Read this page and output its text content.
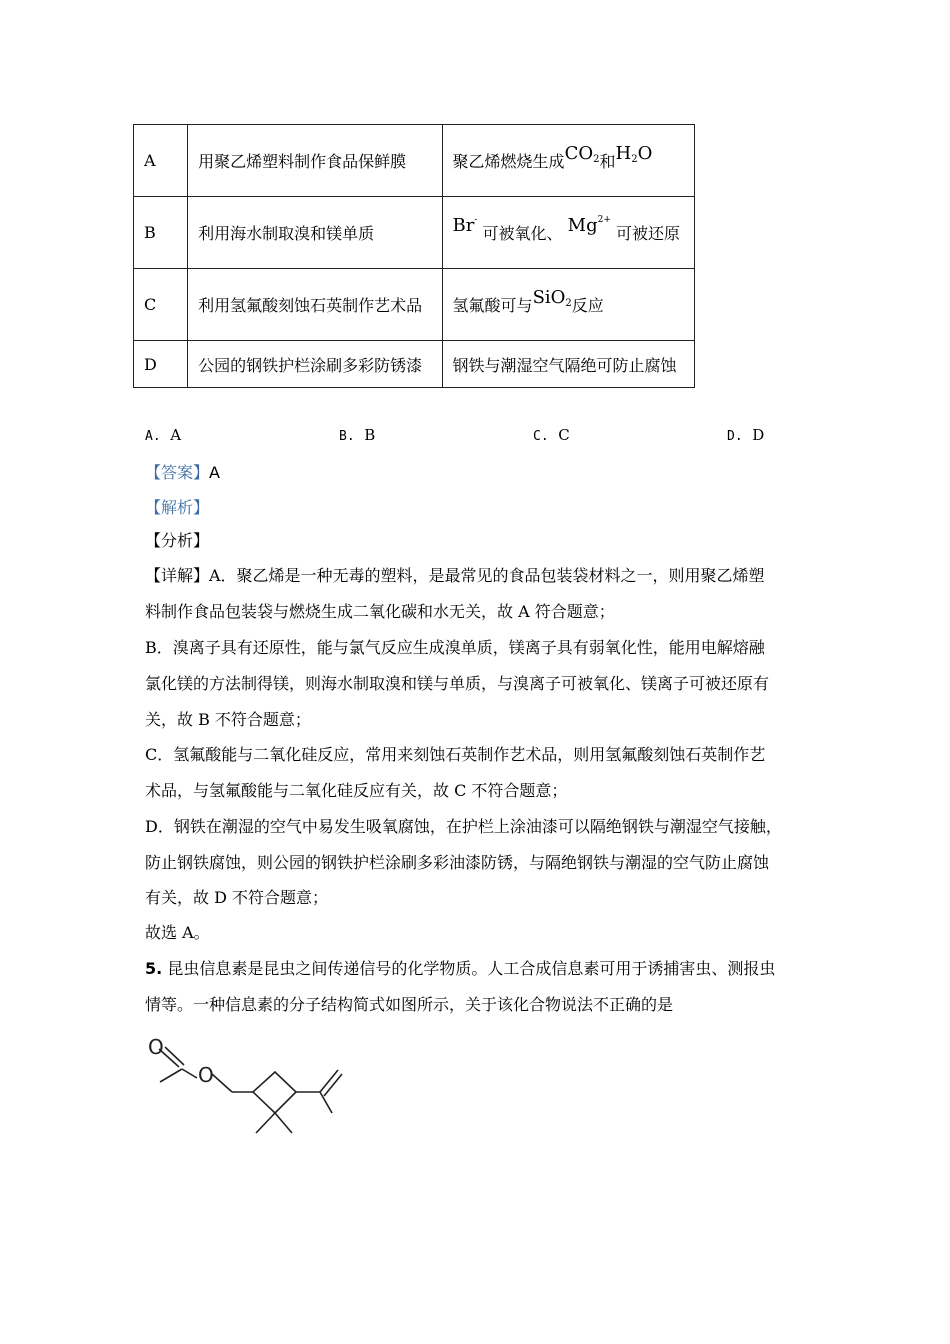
A	用聚乙烯塑料制作食品保鲜膜	聚乙烯燃烧生成$CO_2$和$H_2O$
B	利用海水制取溴和镁单质	Br- 可被氧化、 $Mg^{2+}$ 可被还原
C	利用氢氟酸刻蚀石英制作艺术品	氢氟酸可与SiO$_2$反应
D	公园的钢铁护栏涂刷多彩防锈漆	钢铁与潮湿空气隔绝可防止腐蚀
A. A	B. B	C. C	D. D
【答案】A
【解析】
【分析】
【详解】A．聚乙烯是一种无毒的塑料，是最常见的食品包装袋材料之一，则用聚乙烯塑
料制作食品包装袋与燃烧生成二氧化碳和水无关，故 A 符合题意；
B．溴离子具有还原性，能与氯气反应生成溴单质，镁离子具有弱氧化性，能用电解熔融
氯化镁的方法制得镁，则海水制取溴和镁与单质，与溴离子可被氧化、镁离子可被还原有
关，故 B 不符合题意；
C．氢氟酸能与二氧化硅反应，常用来刻蚀石英制作艺术品，则用氢氟酸刻蚀石英制作艺
术品，与氢氟酸能与二氧化硅反应有关，故 C 不符合题意；
D．钢铁在潮湿的空气中易发生吸氧腐蚀，在护栏上涂油漆可以隔绝钢铁与潮湿空气接触，
防止钢铁腐蚀，则公园的钢铁护栏涂刷多彩油漆防锈，与隔绝钢铁与潮湿的空气防止腐蚀
有关，故 D 不符合题意；
故选 A。
5. 昆虫信息素是昆虫之间传递信号的化学物质。人工合成信息素可用于诱捕害虫、测报虫
情等。一种信息素的分子结构简式如图所示，关于该化合物说法不正确的是
O
O
